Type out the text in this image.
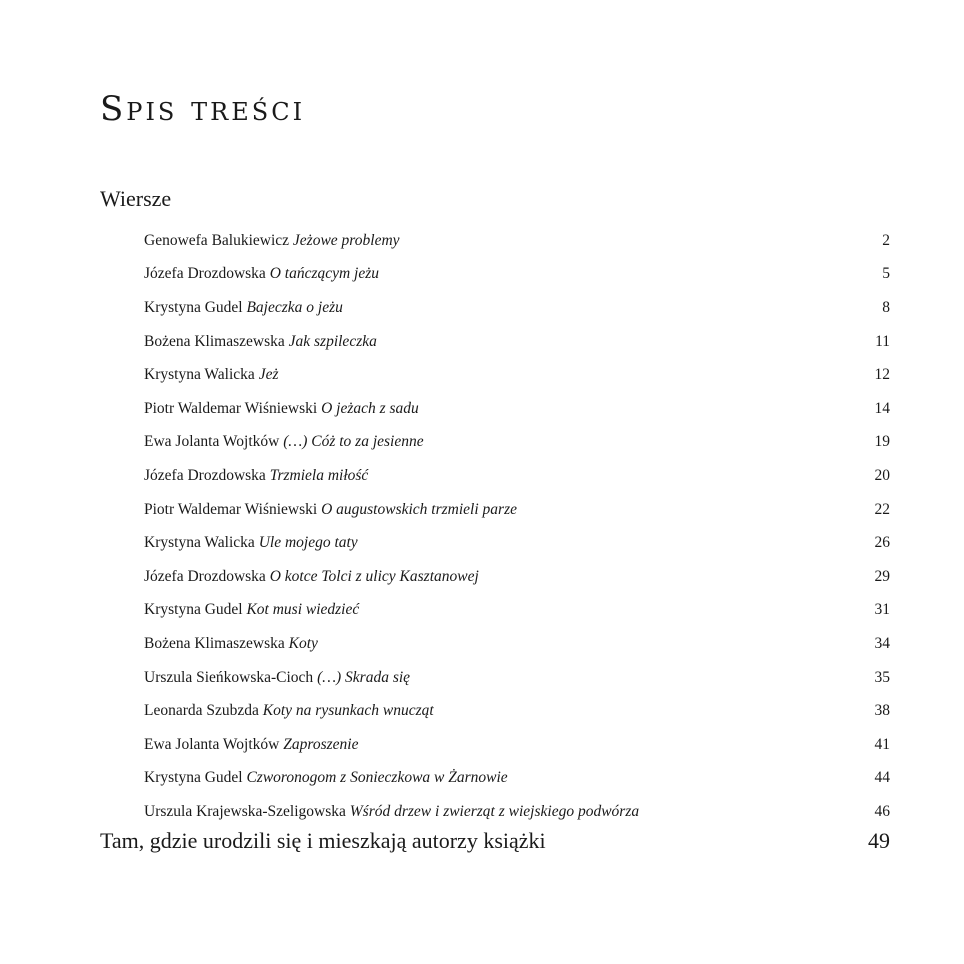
Spis treści
Wiersze
Genowefa Balukiewicz Jeżowe problemy	2
Józefa Drozdowska O tańczącym jeżu	5
Krystyna Gudel Bajeczka o jeżu	8
Bożena Klimaszewska Jak szpileczka	11
Krystyna Walicka Jeż	12
Piotr Waldemar Wiśniewski O jeżach z sadu	14
Ewa Jolanta Wojtków (…) Cóż to za jesienne	19
Józefa Drozdowska Trzmiela miłość	20
Piotr Waldemar Wiśniewski O augustowskich trzmieli parze	22
Krystyna Walicka Ule mojego taty	26
Józefa Drozdowska O kotce Tolci z ulicy Kasztanowej	29
Krystyna Gudel Kot musi wiedzieć	31
Bożena Klimaszewska Koty	34
Urszula Sieńkowska-Cioch (…) Skrada się	35
Leonarda Szubzda Koty na rysunkach wnucząt	38
Ewa Jolanta Wojtków Zaproszenie	41
Krystyna Gudel Czworonogom z Sonieczkowa w Żarnowie	44
Urszula Krajewska-Szeligowska Wśród drzew i zwierząt z wiejskiego podwórza	46
Tam, gdzie urodzili się i mieszkają autorzy książki	49
